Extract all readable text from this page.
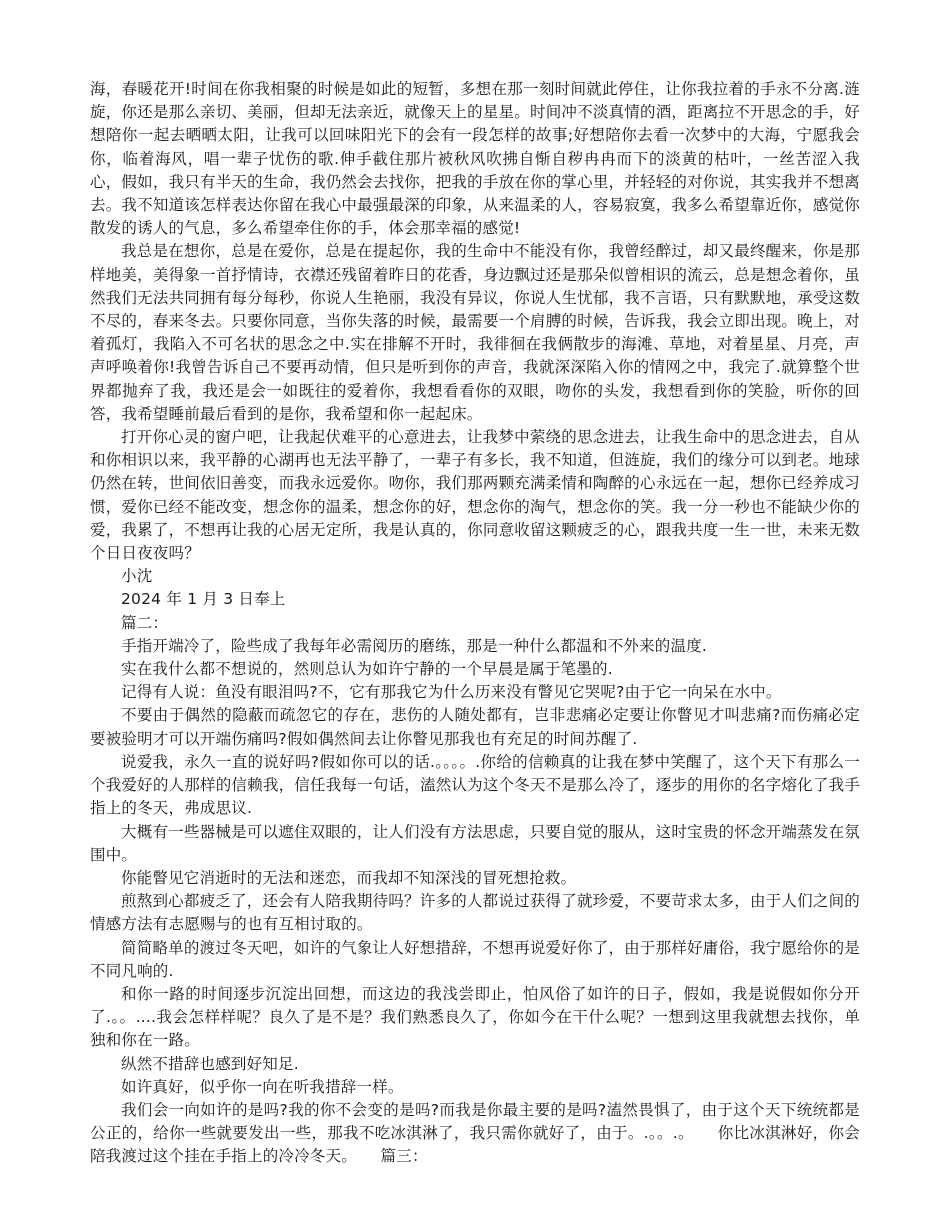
海，春暖花开!时间在你我相聚的时候是如此的短暂，多想在那一刻时间就此停住，让你我拉着的手永不分离.涟旋，你还是那么亲切、美丽，但却无法亲近，就像天上的星星。时间冲不淡真情的酒，距离拉不开思念的手，好想陪你一起去晒晒太阳，让我可以回味阳光下的会有一段怎样的故事;好想陪你去看一次梦中的大海，宁愿我会你，临着海风，唱一辈子忧伤的歌.伸手截住那片被秋风吹拂自惭自秽冉冉而下的淡黄的枯叶，一丝苦涩入我心，假如，我只有半天的生命，我仍然会去找你，把我的手放在你的掌心里，并轻轻的对你说，其实我并不想离去。我不知道该怎样表达你留在我心中最强最深的印象，从来温柔的人，容易寂寞，我多么希望靠近你，感觉你散发的诱人的气息，多么希望牵住你的手，体会那幸福的感觉!

我总是在想你，总是在爱你，总是在提起你，我的生命中不能没有你，我曾经醉过，却又最终醒来，你是那样地美，美得象一首抒情诗，衣襟还残留着昨日的花香，身边飘过还是那朵似曾相识的流云，总是想念着你，虽然我们无法共同拥有每分每秒，你说人生艳丽，我没有异议，你说人生忧郁，我不言语，只有默默地，承受这数不尽的，春来冬去。只要你同意，当你失落的时候，最需要一个肩膊的时候，告诉我，我会立即出现。晚上，对着孤灯，我陷入不可名状的思念之中.实在排解不开时，我徘徊在我俩散步的海滩、草地，对着星星、月亮，声声呼唤着你!我曾告诉自己不要再动情，但只是听到你的声音，我就深深陷入你的情网之中，我完了.就算整个世界都抛弃了我，我还是会一如既往的爱着你，我想看看你的双眼，吻你的头发，我想看到你的笑脸，听你的回答，我希望睡前最后看到的是你，我希望和你一起起床。

打开你心灵的窗户吧，让我起伏难平的心意进去，让我梦中萦绕的思念进去，让我生命中的思念进去，自从和你相识以来，我平静的心湖再也无法平静了，一辈子有多长，我不知道，但涟旋，我们的缘分可以到老。地球仍然在转，世间依旧善变，而我永远爱你。吻你，我们那两颗充满柔情和陶醉的心永远在一起，想你已经养成习惯，爱你已经不能改变，想念你的温柔，想念你的好，想念你的淘气，想念你的笑。我一分一秒也不能缺少你的爱，我累了，不想再让我的心居无定所，我是认真的，你同意收留这颗疲乏的心，跟我共度一生一世，未来无数个日日夜夜吗？

小沈

2024 年 1 月 3 日奉上

篇二：

手指开端冷了，险些成了我每年必需阅历的磨练，那是一种什么都温和不外来的温度.

实在我什么都不想说的，然则总认为如许宁静的一个早晨是属于笔墨的.

记得有人说：鱼没有眼泪吗?不，它有那我它为什么历来没有瞥见它哭呢?由于它一向呆在水中。

不要由于偶然的隐蔽而疏忽它的存在，悲伤的人随处都有，岂非悲痛必定要让你瞥见才叫悲痛?而伤痛必定要被验明才可以开端伤痛吗?假如偶然间去让你瞥见那我也有充足的时间苏醒了.

说爱我，永久一直的说好吗?假如你可以的话.。。。。.你给的信赖真的让我在梦中笑醒了，这个天下有那么一个我爱好的人那样的信赖我，信任我每一句话，溘然认为这个冬天不是那么冷了，逐步的用你的名字熔化了我手指上的冬天，弗成思议.

大概有一些器械是可以遮住双眼的，让人们没有方法思虑，只要自觉的服从，这时宝贵的怀念开端蒸发在氛围中。

你能瞥见它消逝时的无法和迷恋，而我却不知深浅的冒死想抢救。

煎熬到心都疲乏了，还会有人陪我期待吗？许多的人都说过获得了就珍爱，不要苛求太多，由于人们之间的情感方法有志愿赐与的也有互相讨取的。

简简略单的渡过冬天吧，如许的气象让人好想措辞，不想再说爱好你了，由于那样好庸俗，我宁愿给你的是不同凡响的.

和你一路的时间逐步沉淀出回想，而这边的我浅尝即止，怕风俗了如许的日子，假如，我是说假如你分开了.。。....我会怎样样呢？良久了是不是？我们熟悉良久了，你如今在干什么呢？一想到这里我就想去找你，单独和你在一路。

纵然不措辞也感到好知足.

如许真好，似乎你一向在听我措辞一样。

我们会一向如许的是吗?我的你不会变的是吗?而我是你最主要的是吗?溘然畏惧了，由于这个天下统统都是公正的，给你一些就要发出一些，那我不吃冰淇淋了，我只需你就好了，由于。.。。.。　　你比冰淇淋好，你会陪我渡过这个挂在手指上的冷冷冬天。　　篇三：
